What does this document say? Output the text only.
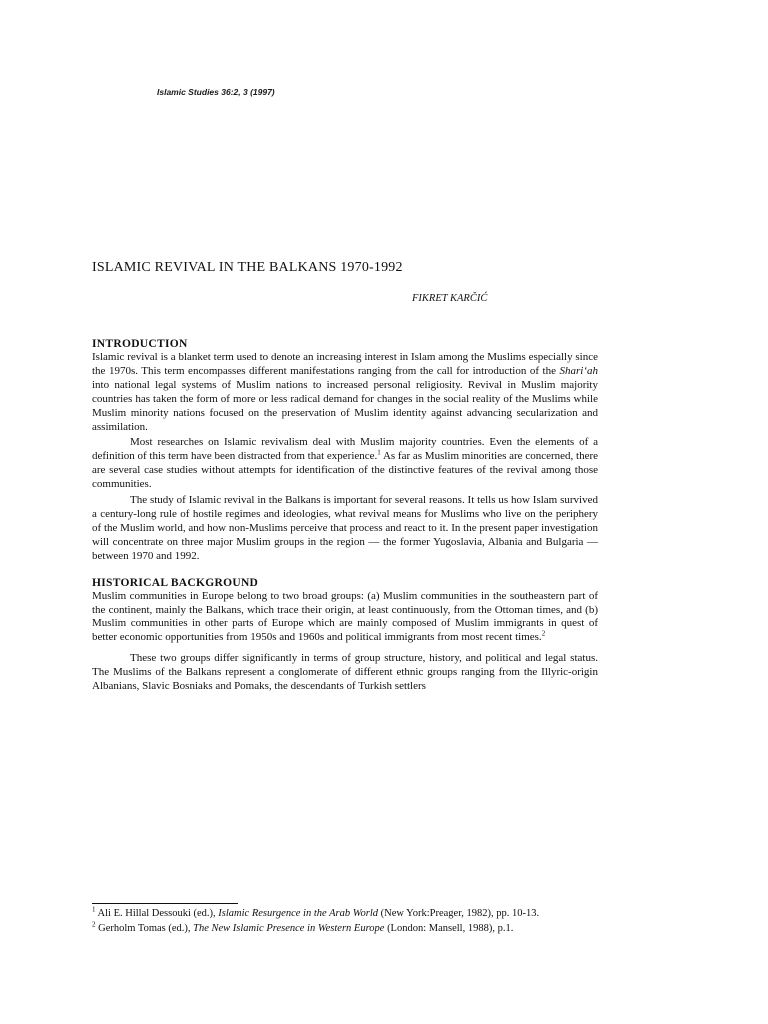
Islamic Studies 36:2, 3 (1997)
ISLAMIC REVIVAL IN THE BALKANS 1970-1992
FIKRET KARČIĆ
INTRODUCTION

Islamic revival is a blanket term used to denote an increasing interest in Islam among the Muslims especially since the 1970s. This term encompasses different manifestations ranging from the call for introduction of the Shari‘ah into national legal systems of Muslim nations to increased personal religiosity. Revival in Muslim majority countries has taken the form of more or less radical demand for changes in the social reality of the Muslims while Muslim minority nations focused on the preservation of Muslim identity against advancing secularization and assimilation.

Most researches on Islamic revivalism deal with Muslim majority countries. Even the elements of a definition of this term have been distracted from that experience.$^1$ As far as Muslim minorities are concerned, there are several case studies without attempts for identification of the distinctive features of the revival among those communities.

The study of Islamic revival in the Balkans is important for several reasons. It tells us how Islam survived a century-long rule of hostile regimes and ideologies, what revival means for Muslims who live on the periphery of the Muslim world, and how non-Muslims perceive that process and react to it. In the present paper investigation will concentrate on three major Muslim groups in the region — the former Yugoslavia, Albania and Bulgaria — between 1970 and 1992.

HISTORICAL BACKGROUND

Muslim communities in Europe belong to two broad groups: (a) Muslim communities in the southeastern part of the continent, mainly the Balkans, which trace their origin, at least continuously, from the Ottoman times, and (b) Muslim communities in other parts of Europe which are mainly composed of Muslim immigrants in quest of better economic opportunities from 1950s and 1960s and political immigrants from most recent times.$^2$

These two groups differ significantly in terms of group structure, history, and political and legal status. The Muslims of the Balkans represent a conglomerate of different ethnic groups ranging from the Illyric-origin Albanians, Slavic Bosniaks and Pomaks, the descendants of Turkish settlers

$^1$ Ali E. Hillal Dessouki (ed.), Islamic Resurgence in the Arab World (New York:Preager, 1982), pp. 10-13.
$^2$ Gerholm Tomas (ed.), The New Islamic Presence in Western Europe (London: Mansell, 1988), p.1.
